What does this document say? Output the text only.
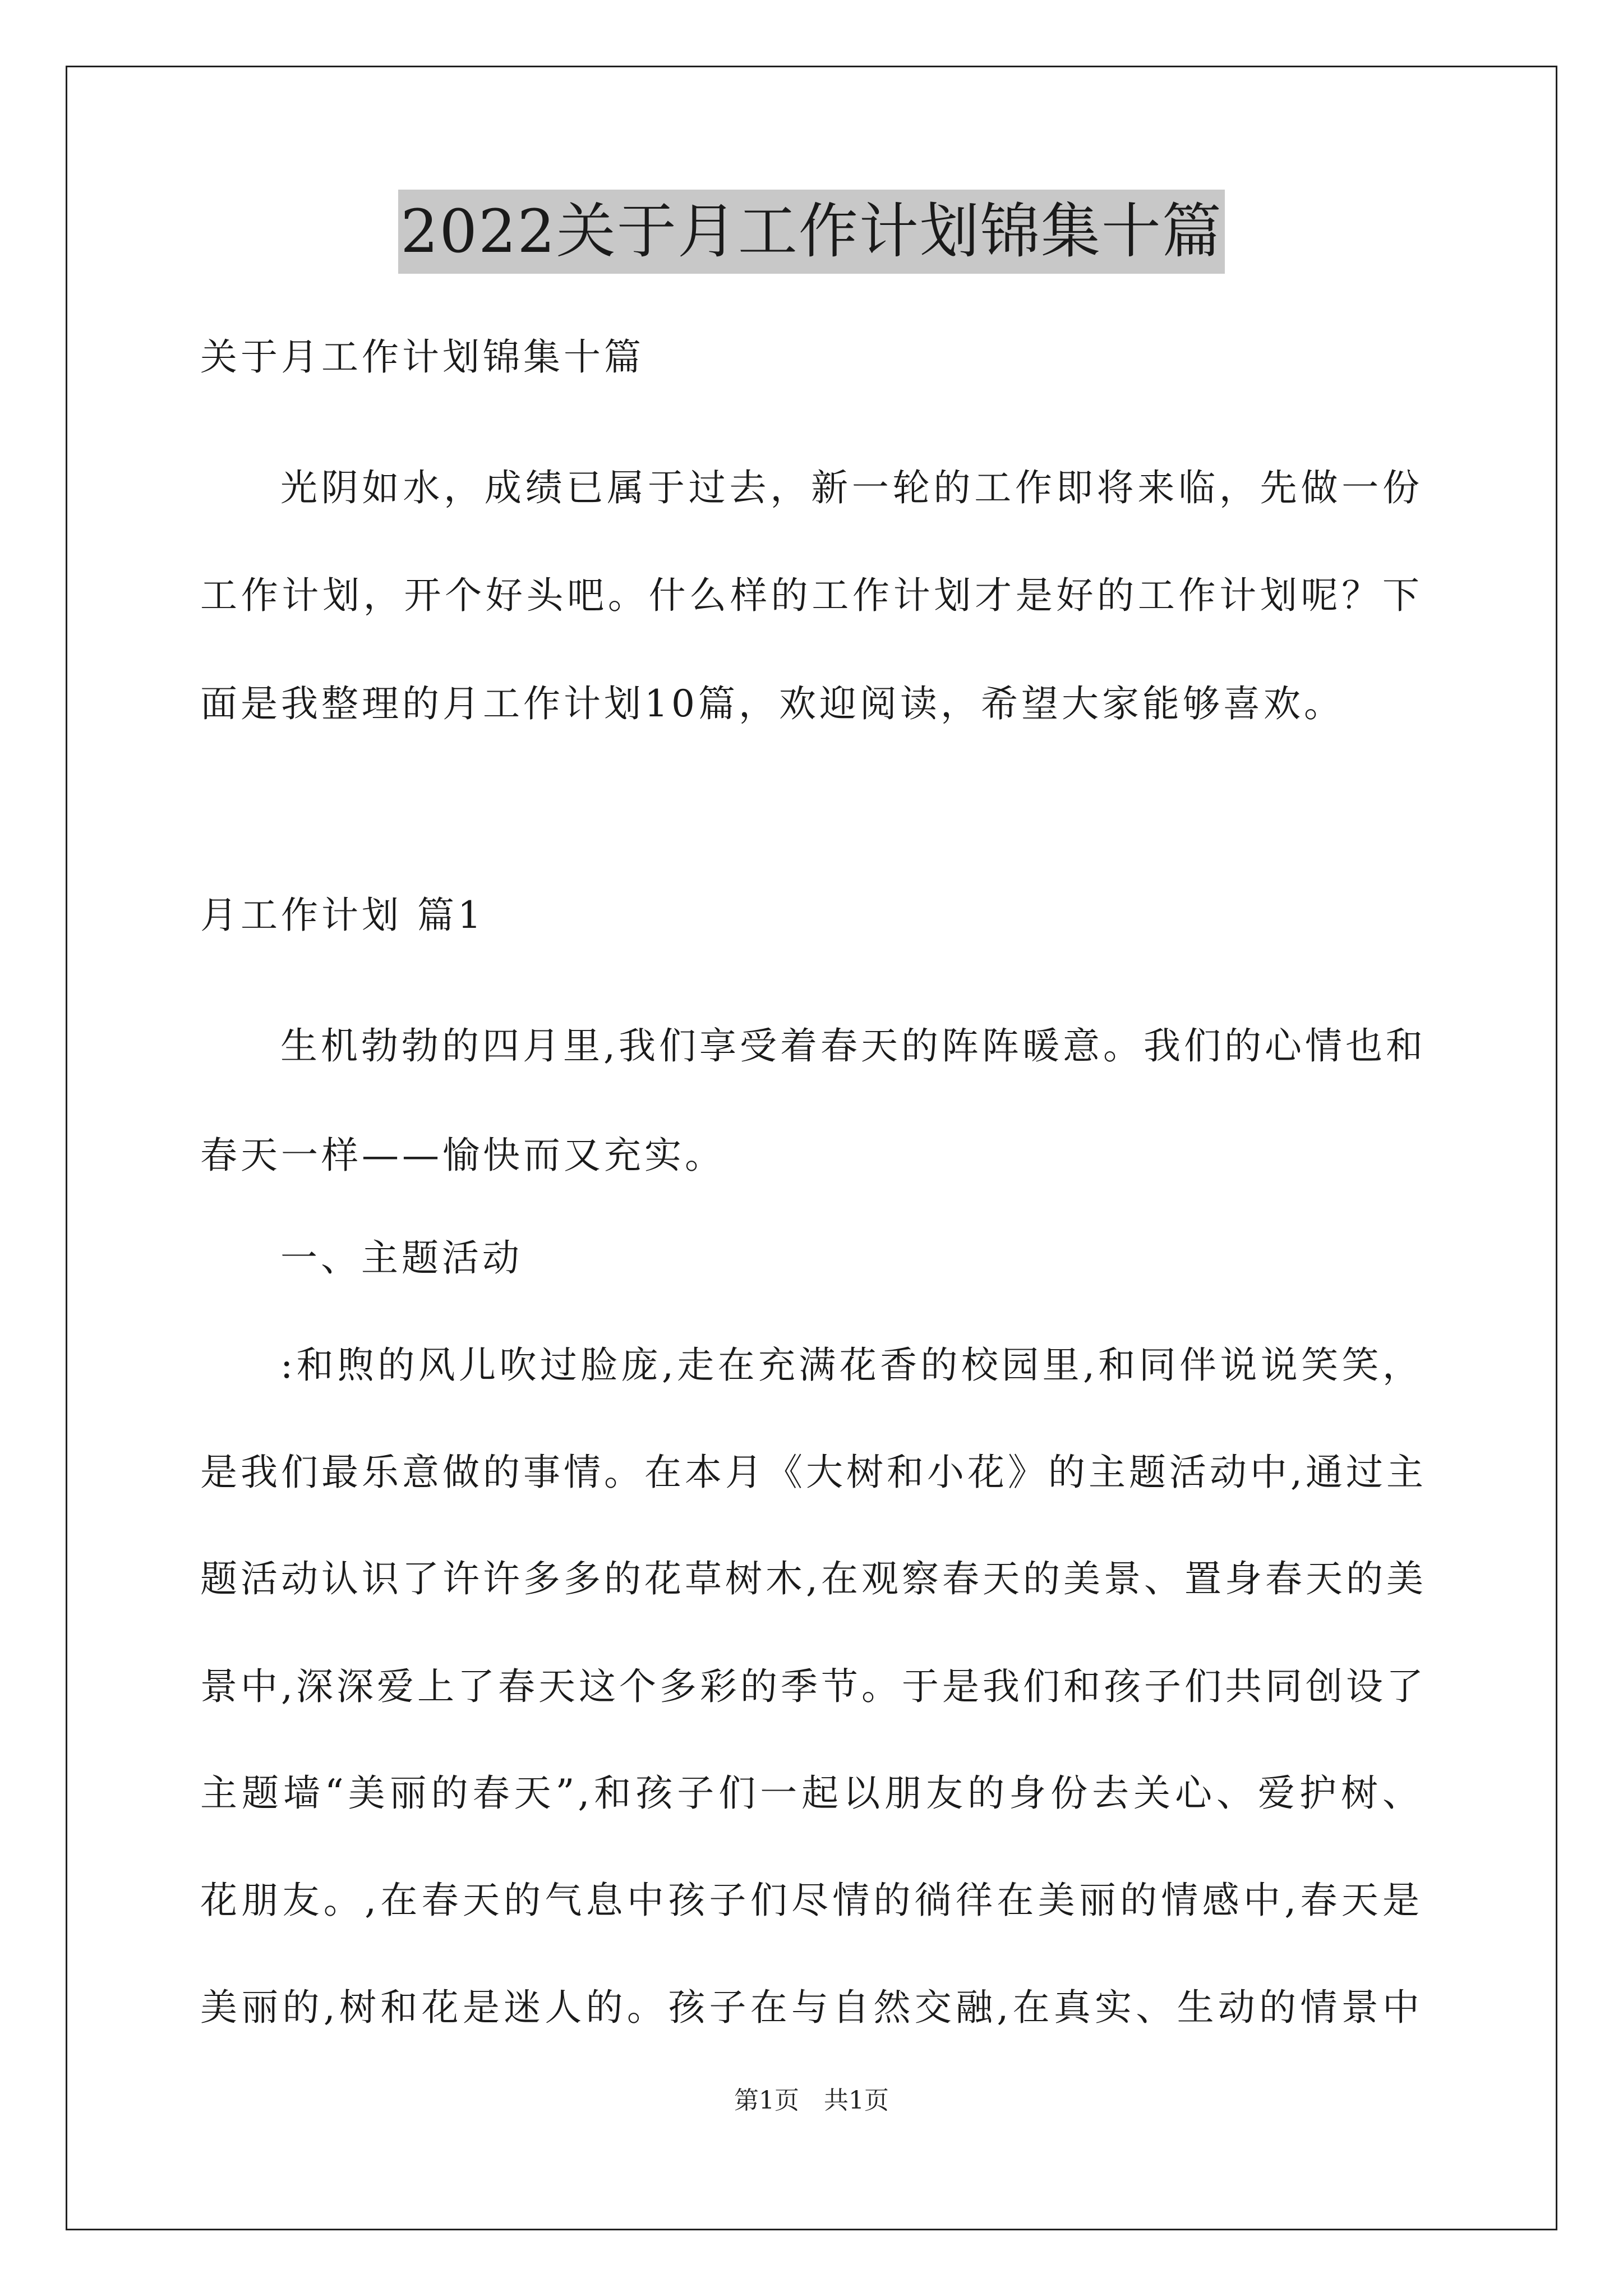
2022关于月工作计划锦集十篇
关于月工作计划锦集十篇
光阴如水，成绩已属于过去，新一轮的工作即将来临，先做一份
工作计划，开个好头吧。什么样的工作计划才是好的工作计划呢？下
面是我整理的月工作计划10篇，欢迎阅读，希望大家能够喜欢。
月工作计划 篇1
生机勃勃的四月里,我们享受着春天的阵阵暖意。我们的心情也和
春天一样——愉快而又充实。
一、主题活动
:和煦的风儿吹过脸庞,走在充满花香的校园里,和同伴说说笑笑，
是我们最乐意做的事情。在本月《大树和小花》的主题活动中,通过主
题活动认识了许许多多的花草树木,在观察春天的美景、置身春天的美
景中,深深爱上了春天这个多彩的季节。于是我们和孩子们共同创设了
主题墙“美丽的春天”,和孩子们一起以朋友的身份去关心、爱护树、
花朋友。,在春天的气息中孩子们尽情的徜徉在美丽的情感中,春天是
美丽的,树和花是迷人的。孩子在与自然交融,在真实、生动的情景中
第1页　共1页
